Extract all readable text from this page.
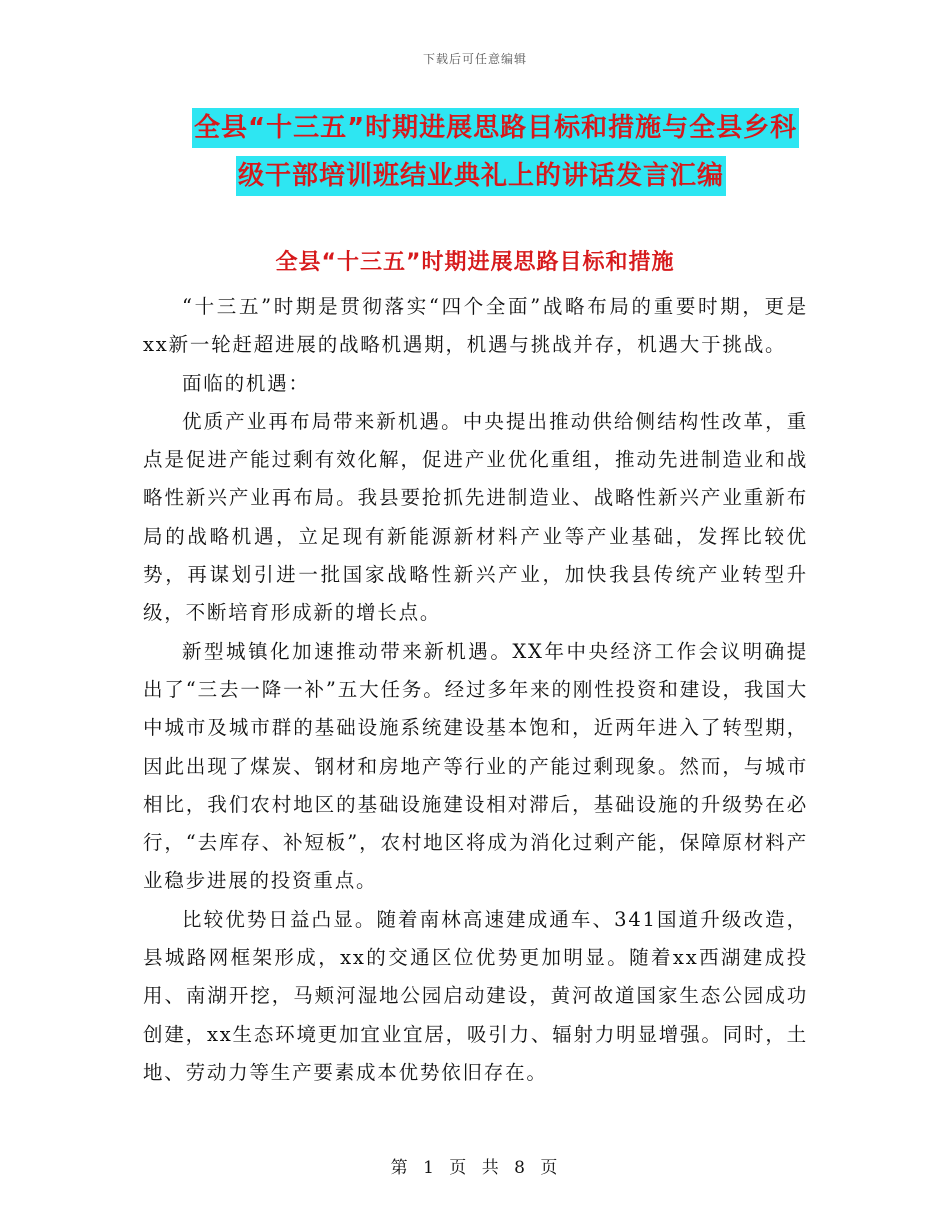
下载后可任意编辑
全县“十三五”时期进展思路目标和措施与全县乡科
级干部培训班结业典礼上的讲话发言汇编
全县“十三五”时期进展思路目标和措施

“十三五”时期是贯彻落实“四个全面”战略布局的重要时期，更是xx新一轮赶超进展的战略机遇期，机遇与挑战并存，机遇大于挑战。

面临的机遇：

优质产业再布局带来新机遇。中央提出推动供给侧结构性改革，重点是促进产能过剩有效化解，促进产业优化重组，推动先进制造业和战略性新兴产业再布局。我县要抢抓先进制造业、战略性新兴产业重新布局的战略机遇，立足现有新能源新材料产业等产业基础，发挥比较优势，再谋划引进一批国家战略性新兴产业，加快我县传统产业转型升级，不断培育形成新的增长点。

新型城镇化加速推动带来新机遇。XX年中央经济工作会议明确提出了“三去一降一补”五大任务。经过多年来的刚性投资和建设，我国大中城市及城市群的基础设施系统建设基本饱和，近两年进入了转型期，因此出现了煤炭、钢材和房地产等行业的产能过剩现象。然而，与城市相比，我们农村地区的基础设施建设相对滞后，基础设施的升级势在必行，“去库存、补短板”，农村地区将成为消化过剩产能，保障原材料产业稳步进展的投资重点。

比较优势日益凸显。随着南林高速建成通车、341国道升级改造，县城路网框架形成，xx的交通区位优势更加明显。随着xx西湖建成投用、南湖开挖，马颊河湿地公园启动建设，黄河故道国家生态公园成功创建，xx生态环境更加宜业宜居，吸引力、辐射力明显增强。同时，土地、劳动力等生产要素成本优势依旧存在。

第 1 页 共 8 页
